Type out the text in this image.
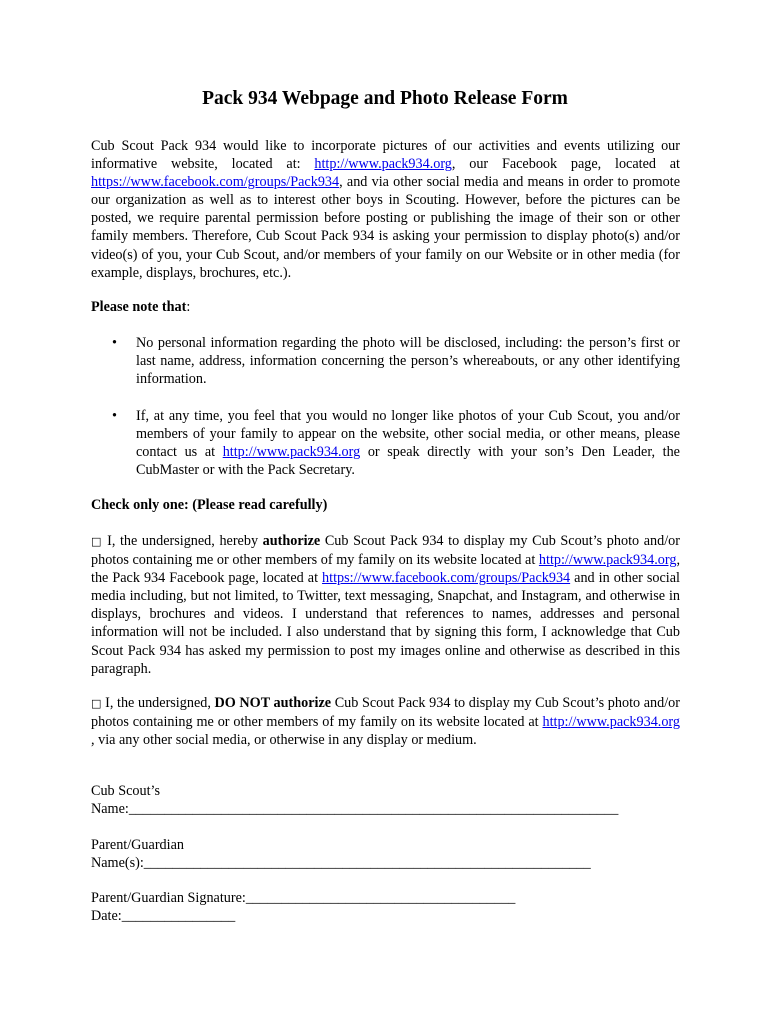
Pack 934 Webpage and Photo Release Form

Cub Scout Pack 934 would like to incorporate pictures of our activities and events utilizing our informative website, located at: http://www.pack934.org, our Facebook page, located at https://www.facebook.com/groups/Pack934, and via other social media and means in order to promote our organization as well as to interest other boys in Scouting. However, before the pictures can be posted, we require parental permission before posting or publishing the image of their son or other family members. Therefore, Cub Scout Pack 934 is asking your permission to display photo(s) and/or video(s) of you, your Cub Scout, and/or members of your family on our Website or in other media (for example, displays, brochures, etc.).

Please note that:

• No personal information regarding the photo will be disclosed, including: the person’s first or last name, address, information concerning the person’s whereabouts, or any other identifying information.

• If, at any time, you feel that you would no longer like photos of your Cub Scout, you and/or members of your family to appear on the website, other social media, or other means, please contact us at http://www.pack934.org or speak directly with your son’s Den Leader, the CubMaster or with the Pack Secretary.

Check only one: (Please read carefully)

□ I, the undersigned, hereby authorize Cub Scout Pack 934 to display my Cub Scout’s photo and/or photos containing me or other members of my family on its website located at http://www.pack934.org, the Pack 934 Facebook page, located at https://www.facebook.com/groups/Pack934 and in other social media including, but not limited, to Twitter, text messaging, Snapchat, and Instagram, and otherwise in displays, brochures and videos. I understand that references to names, addresses and personal information will not be included. I also understand that by signing this form, I acknowledge that Cub Scout Pack 934 has asked my permission to post my images online and otherwise as described in this paragraph.

□ I, the undersigned, DO NOT authorize Cub Scout Pack 934 to display my Cub Scout’s photo and/or photos containing me or other members of my family on its website located at http://www.pack934.org , via any other social media, or otherwise in any display or medium.

Cub Scout’s

Name:_____________________________________________________________________

Parent/Guardian

Name(s):_______________________________________________________________

Parent/Guardian Signature:______________________________________

Date:________________
